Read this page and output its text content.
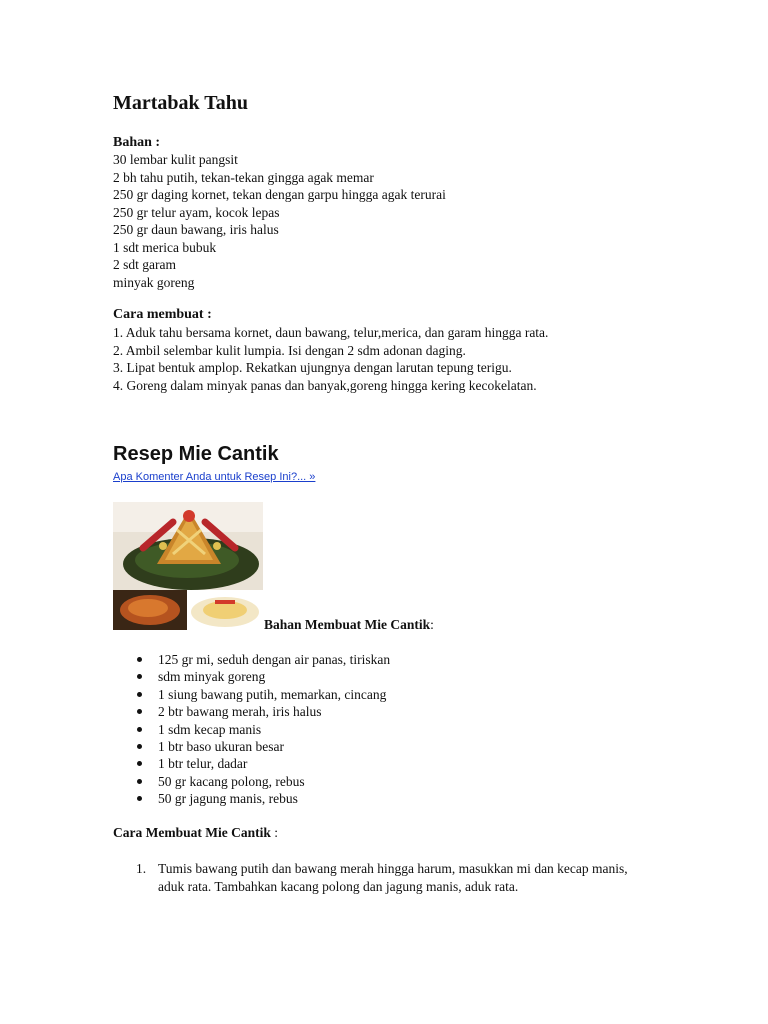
Martabak Tahu
Bahan :
30 lembar kulit pangsit
2 bh tahu putih, tekan-tekan gingga agak memar
250 gr daging kornet, tekan dengan garpu hingga agak terurai
250 gr telur ayam, kocok lepas
250 gr daun bawang, iris halus
1 sdt merica bubuk
2 sdt garam
minyak goreng
Cara membuat :
1. Aduk tahu bersama kornet, daun bawang, telur,merica, dan garam hingga rata.
2. Ambil selembar kulit lumpia. Isi dengan 2 sdm adonan daging.
3. Lipat bentuk amplop. Rekatkan ujungnya dengan larutan tepung terigu.
4. Goreng dalam minyak panas dan banyak,goreng hingga kering kecokelatan.
Resep Mie Cantik
Apa Komenter Anda untuk Resep Ini?... »
Bahan Membuat Mie Cantik:
125 gr mi, seduh dengan air panas, tiriskan
sdm minyak goreng
1 siung bawang putih, memarkan, cincang
2 btr bawang merah, iris halus
1 sdm kecap manis
1 btr baso ukuran besar
1 btr telur, dadar
50 gr kacang polong, rebus
50 gr jagung manis, rebus
Cara Membuat Mie Cantik :
1. Tumis bawang putih dan bawang merah hingga harum, masukkan mi dan kecap manis, aduk rata. Tambahkan kacang polong dan jagung manis, aduk rata.
